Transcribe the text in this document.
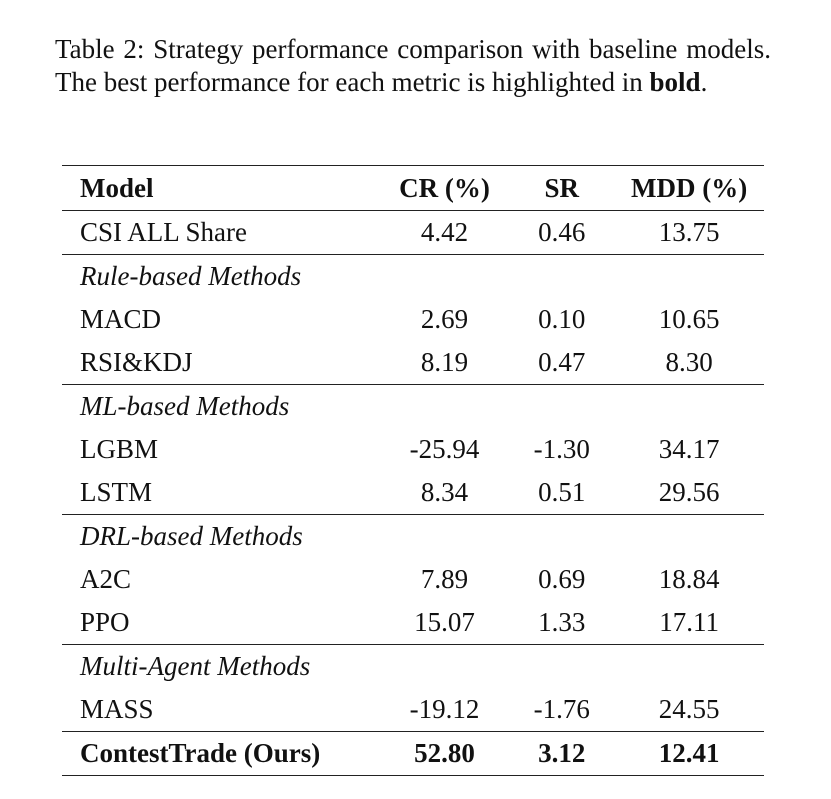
Table 2: Strategy performance comparison with baseline models. The best performance for each metric is highlighted in bold.
Model	CR (%)	SR	MDD (%)
CSI ALL Share	4.42	0.46	13.75
Rule-based Methods			
MACD	2.69	0.10	10.65
RSI&KDJ	8.19	0.47	8.30
ML-based Methods			
LGBM	-25.94	-1.30	34.17
LSTM	8.34	0.51	29.56
DRL-based Methods			
A2C	7.89	0.69	18.84
PPO	15.07	1.33	17.11
Multi-Agent Methods			
MASS	-19.12	-1.76	24.55
ContestTrade (Ours)	52.80	3.12	12.41
